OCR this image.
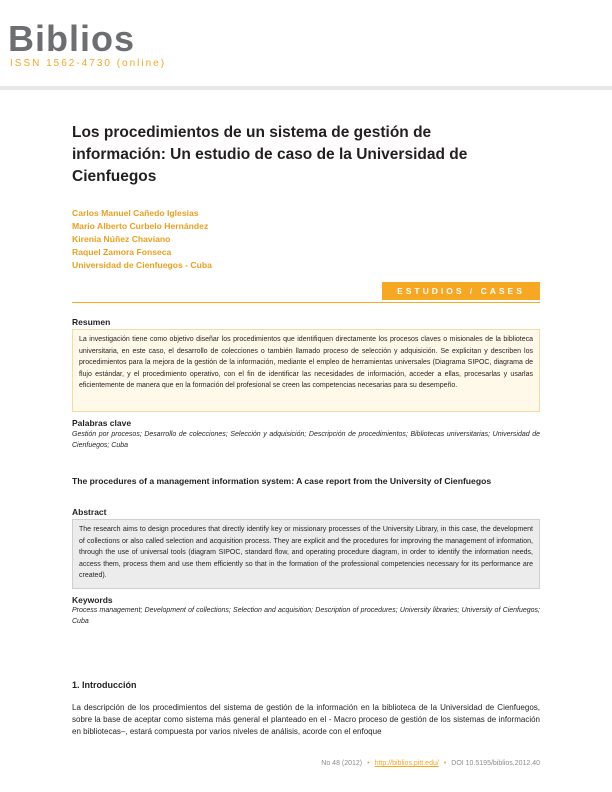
Biblios
ISSN 1562-4730 (online)
Los procedimientos de un sistema de gestión de información: Un estudio de caso de la Universidad de Cienfuegos
Carlos Manuel Cañedo Iglesias
Mario Alberto Curbelo Hernández
Kirenia Núñez Chaviano
Raquel Zamora Fonseca
Universidad de Cienfuegos - Cuba
ESTUDIOS / CASES
Resumen
La investigación tiene como objetivo diseñar los procedimientos que identifiquen directamente los procesos claves o misionales de la biblioteca universitaria, en este caso, el desarrollo de colecciones o también llamado proceso de selección y adquisición. Se explicitan y describen los procedimientos para la mejora de la gestión de la información, mediante el empleo de herramientas universales (Diagrama SIPOC, diagrama de flujo estándar, y el procedimiento operativo, con el fin de identificar las necesidades de información, acceder a ellas, procesarlas y usarlas eficientemente de manera que en la formación del profesional se creen las competencias necesarias para su desempeño.
Palabras clave
Gestión por procesos; Desarrollo de colecciones; Selección y adquisición; Descripción de procedimientos; Bibliotecas universitarias; Universidad de Cienfuegos; Cuba
The procedures of a management information system: A case report from the University of Cienfuegos
Abstract
The research aims to design procedures that directly identify key or missionary processes of the University Library, in this case, the development of collections or also called selection and acquisition process. They are explicit and the procedures for improving the management of information, through the use of universal tools (diagram SIPOC, standard flow, and operating procedure diagram, in order to identify the information needs, access them, process them and use them efficiently so that in the formation of the professional competencies necessary for its performance are created).
Keywords
Process management; Development of collections; Selection and acquisition; Description of procedures; University libraries; University of Cienfuegos; Cuba
1. Introducción
La descripción de los procedimientos del sistema de gestión de la información en la biblioteca de la Universidad de Cienfuegos, sobre la base de aceptar como sistema más general el planteado en el - Macro proceso de gestión de los sistemas de información en bibliotecas–, estará compuesta por varios niveles de análisis, acorde con el enfoque
No 48 (2012) • http://biblios.pitt.edu/ • DOI 10.5195/biblios.2012.40
